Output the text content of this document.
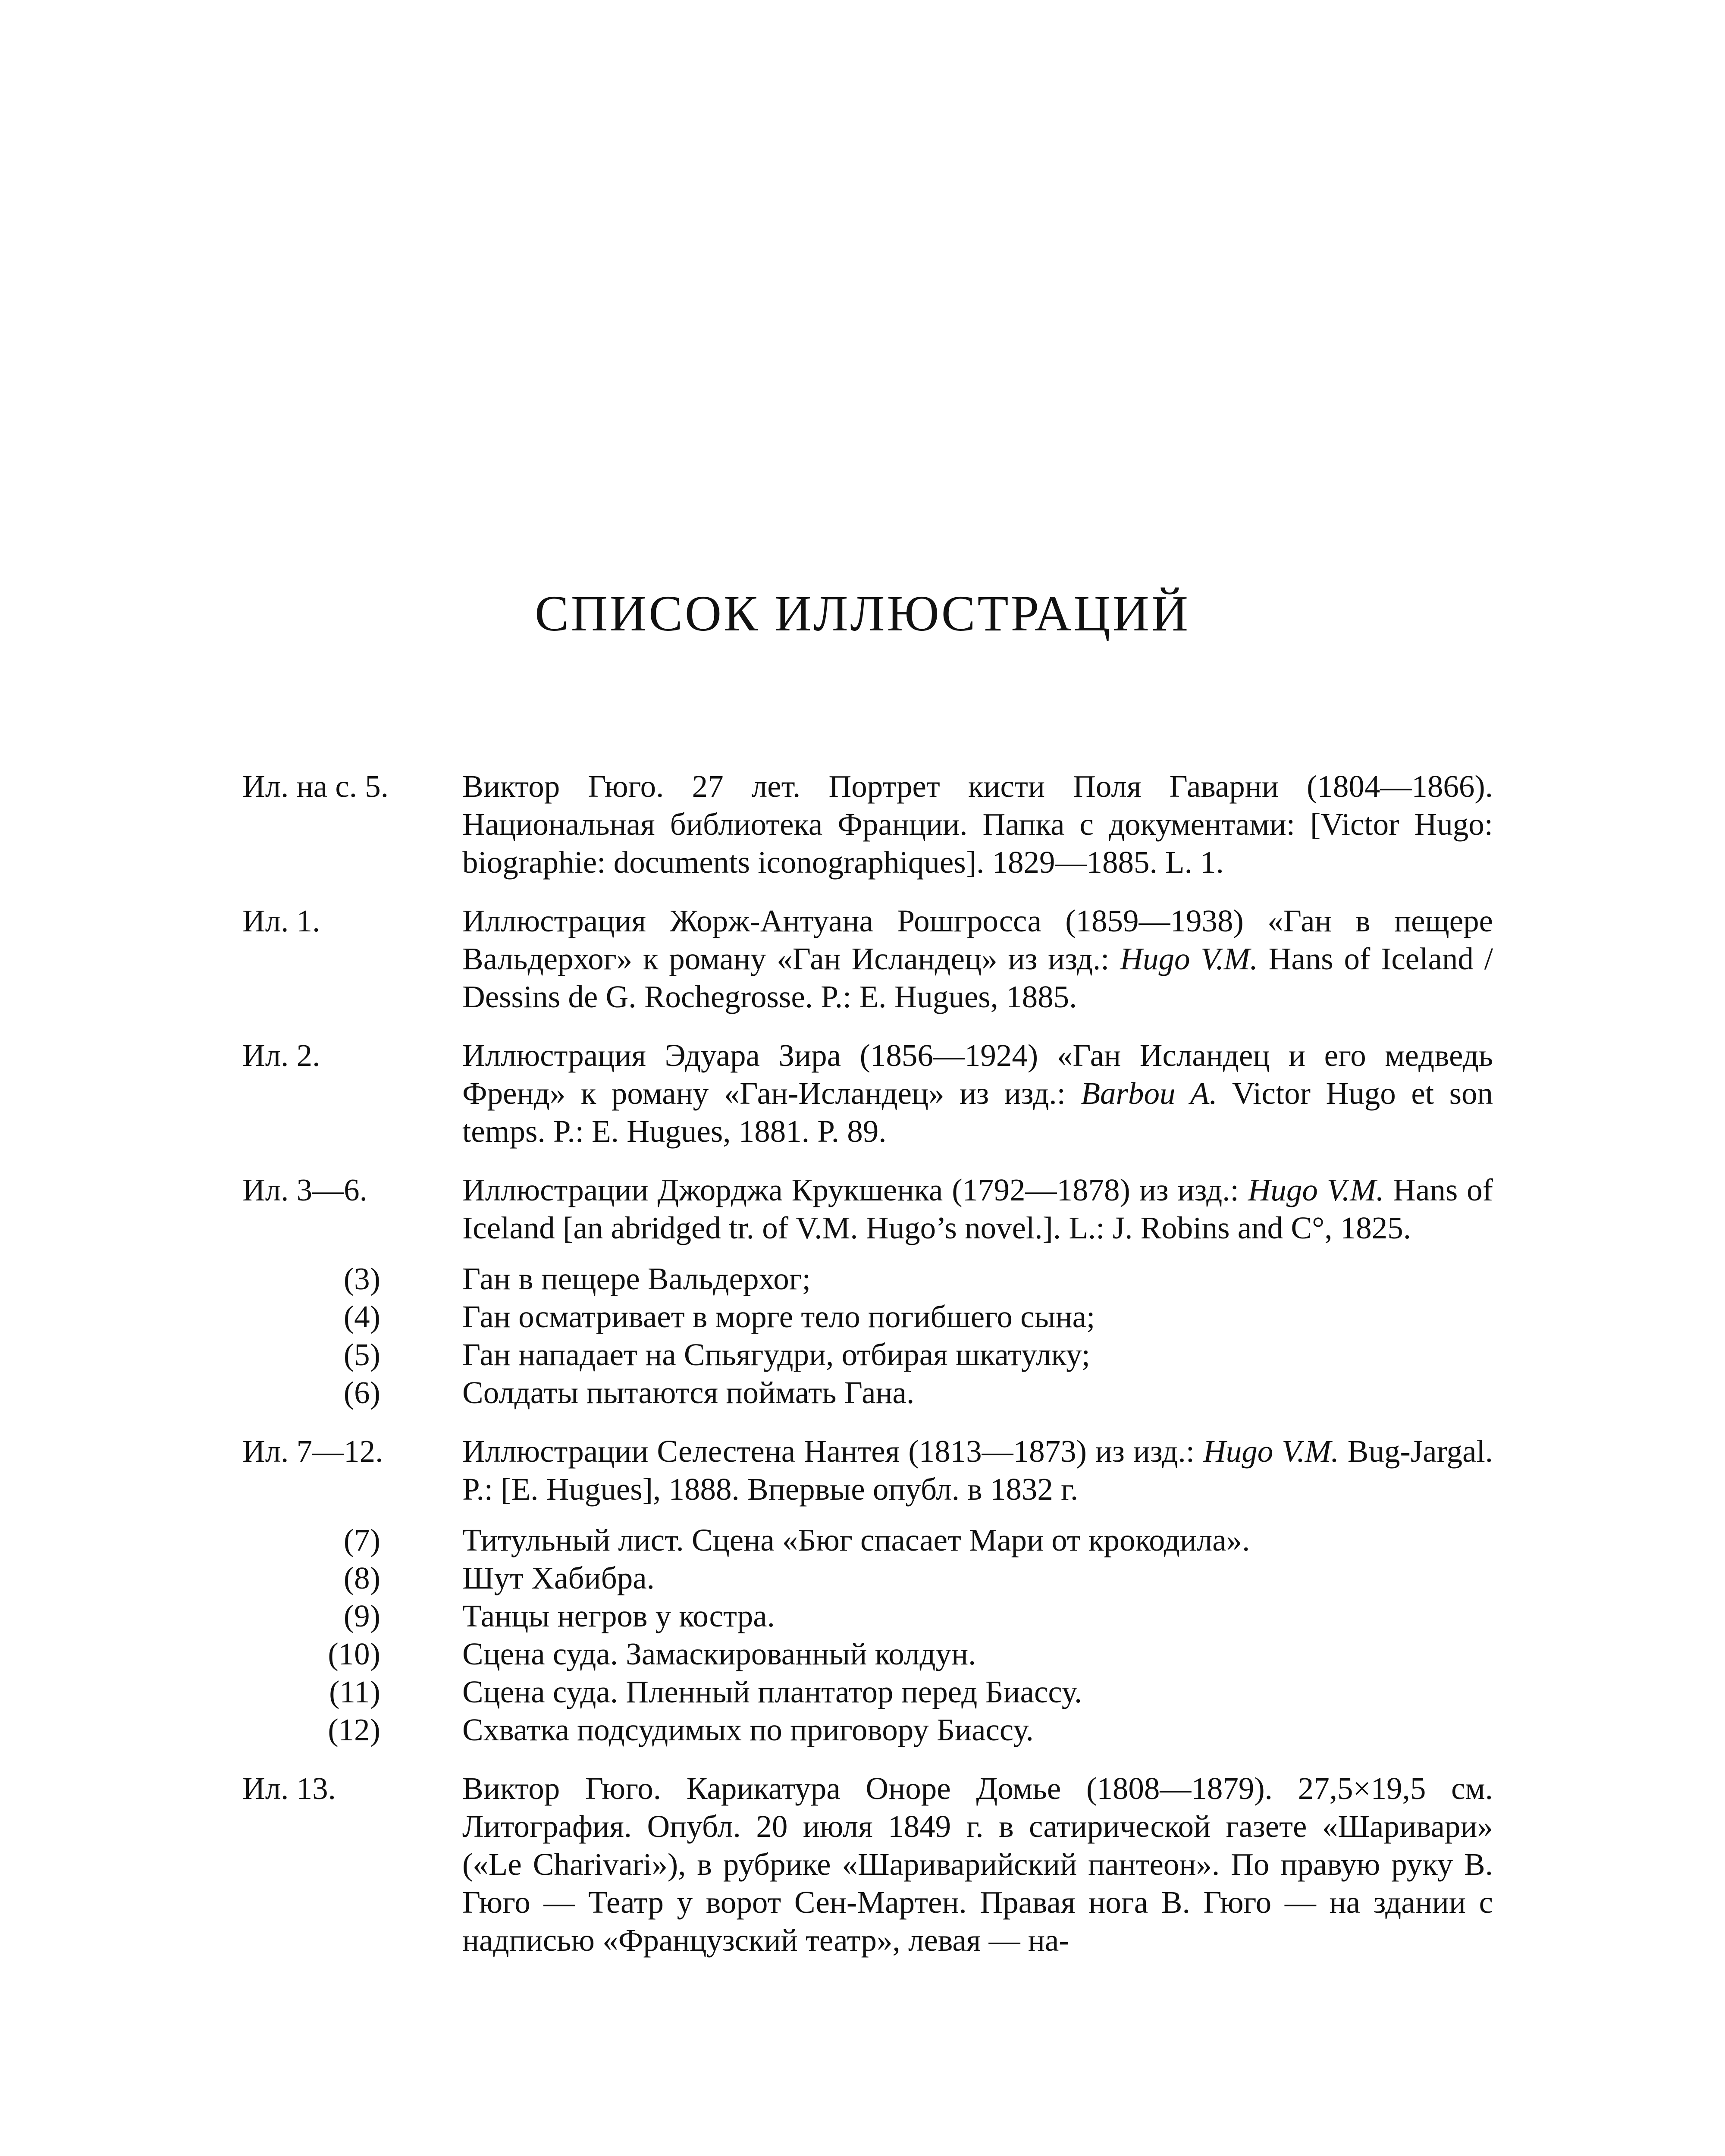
СПИСОК ИЛЛЮСТРАЦИЙ
Ил. на с. 5.	Виктор Гюго. 27 лет. Портрет кисти Поля Гаварни (1804—1866). Национальная библиотека Франции. Папка с документами: [Victor Hugo: biographie: documents iconographiques]. 1829—1885. L. 1.
Ил. 1.	Иллюстрация Жорж-Антуана Рошгросса (1859—1938) «Ган в пещере Вальдерхог» к роману «Ган Исландец» из изд.: Hugo V.M. Hans of Iceland / Dessins de G. Rochegrosse. P.: E. Hugues, 1885.
Ил. 2.	Иллюстрация Эдуара Зира (1856—1924) «Ган Исландец и его медведь Френд» к роману «Ган-Исландец» из изд.: Barbou A. Victor Hugo et son temps. P.: E. Hugues, 1881. P. 89.
Ил. 3—6.	Иллюстрации Джорджа Крукшенка (1792—1878) из изд.: Hugo V.M. Hans of Iceland [an abridged tr. of V.M. Hugo’s novel.]. L.: J. Robins and C°, 1825.
(3)	Ган в пещере Вальдерхог;
(4)	Ган осматривает в морге тело погибшего сына;
(5)	Ган нападает на Спьягудри, отбирая шкатулку;
(6)	Солдаты пытаются поймать Гана.
Ил. 7—12.	Иллюстрации Селестена Нантея (1813—1873) из изд.: Hugo V.M. Bug-Jargal. P.: [E. Hugues], 1888. Впервые опубл. в 1832 г.
(7)	Титульный лист. Сцена «Бюг спасает Мари от крокодила».
(8)	Шут Хабибра.
(9)	Танцы негров у костра.
(10)	Сцена суда. Замаскированный колдун.
(11)	Сцена суда. Пленный плантатор перед Биассу.
(12)	Схватка подсудимых по приговору Биассу.
Ил. 13.	Виктор Гюго. Карикатура Оноре Домье (1808—1879). 27,5×19,5 см. Литография. Опубл. 20 июля 1849 г. в сатирической газете «Шаривари» («Le Charivari»), в рубрике «Шариварийский пантеон». По правую руку В. Гюго — Театр у ворот Сен-Мартен. Правая нога В. Гюго — на здании с надписью «Французский театр», левая — на-
